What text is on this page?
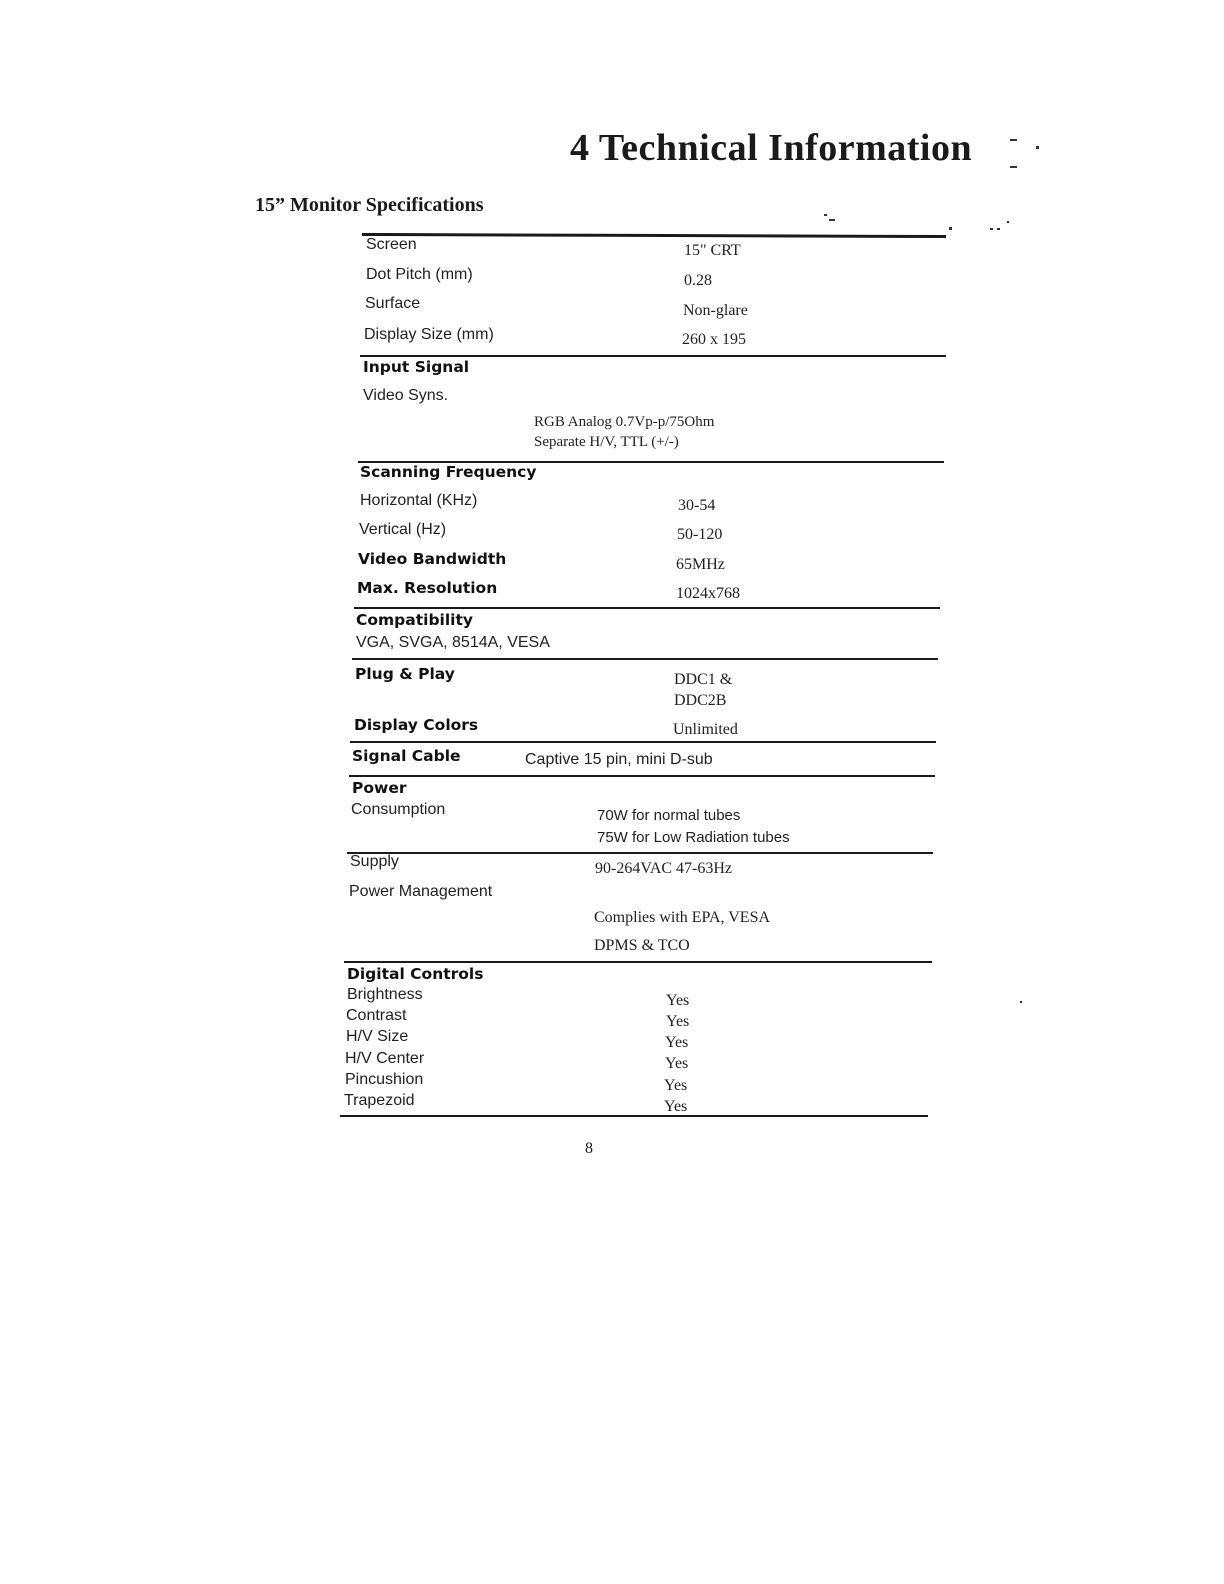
4 Technical Information
15” Monitor Specifications
Screen	15" CRT
Dot Pitch (mm)	0.28
Surface	Non-glare
Display Size (mm)	260 x 195
Input Signal
Video Syns.
RGB Analog 0.7Vp-p/75Ohm
Separate H/V, TTL (+/-)
Scanning Frequency
Horizontal (KHz)	30-54
Vertical (Hz)	50-120
Video Bandwidth	65MHz
Max. Resolution	1024x768
Compatibility
VGA, SVGA, 8514A, VESA
Plug & Play	DDC1 &
DDC2B
Display Colors	Unlimited
Signal Cable	Captive 15 pin, mini D-sub
Power
Consumption	70W for normal tubes
75W for Low Radiation tubes
Supply	90-264VAC 47-63Hz
Power Management
Complies with EPA, VESA
DPMS & TCO
Digital Controls
Brightness	Yes
Contrast	Yes
H/V Size	Yes
H/V Center	Yes
Pincushion	Yes
Trapezoid	Yes
8
